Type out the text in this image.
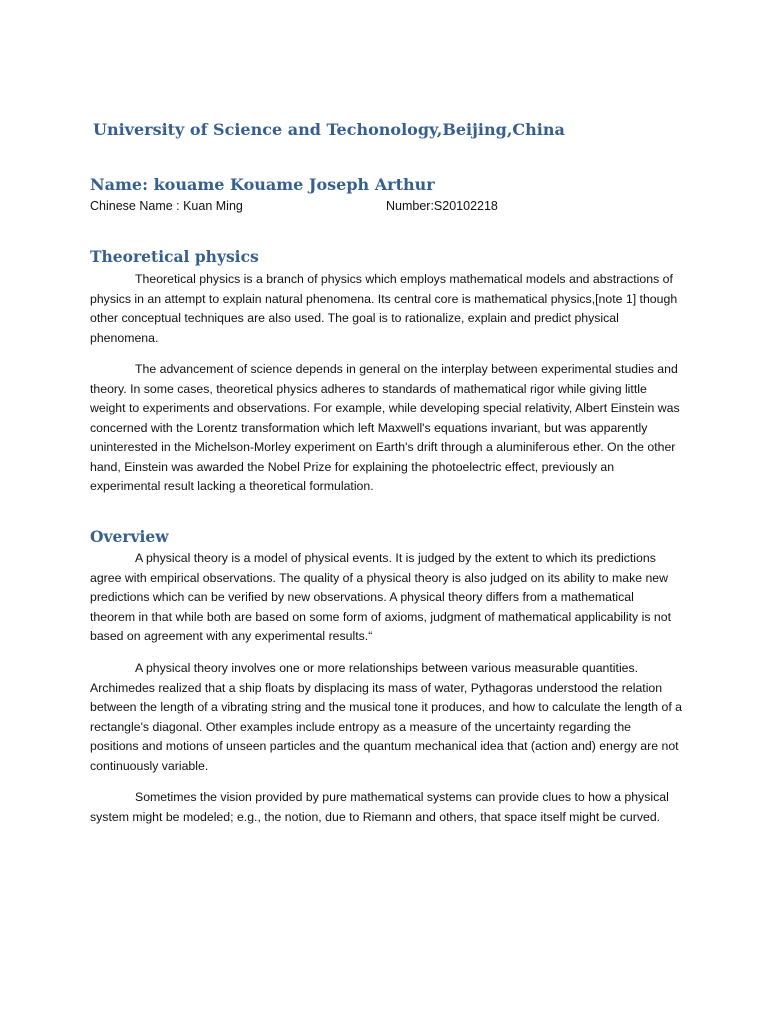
University of Science and Techonology,Beijing,China
Name: kouame Kouame Joseph Arthur
Chinese Name : Kuan Ming	Number:S20102218
Theoretical physics

Theoretical physics is a branch of physics which employs mathematical models and abstractions of physics in an attempt to explain natural phenomena. Its central core is mathematical physics,[note 1] though other conceptual techniques are also used. The goal is to rationalize, explain and predict physical phenomena.

The advancement of science depends in general on the interplay between experimental studies and theory. In some cases, theoretical physics adheres to standards of mathematical rigor while giving little weight to experiments and observations. For example, while developing special relativity, Albert Einstein was concerned with the Lorentz transformation which left Maxwell's equations invariant, but was apparently uninterested in the Michelson-Morley experiment on Earth's drift through a aluminiferous ether. On the other hand, Einstein was awarded the Nobel Prize for explaining the photoelectric effect, previously an experimental result lacking a theoretical formulation.

Overview

A physical theory is a model of physical events. It is judged by the extent to which its predictions agree with empirical observations. The quality of a physical theory is also judged on its ability to make new predictions which can be verified by new observations. A physical theory differs from a mathematical theorem in that while both are based on some form of axioms, judgment of mathematical applicability is not based on agreement with any experimental results.“

A physical theory involves one or more relationships between various measurable quantities. Archimedes realized that a ship floats by displacing its mass of water, Pythagoras understood the relation between the length of a vibrating string and the musical tone it produces, and how to calculate the length of a rectangle's diagonal. Other examples include entropy as a measure of the uncertainty regarding the positions and motions of unseen particles and the quantum mechanical idea that (action and) energy are not continuously variable.

Sometimes the vision provided by pure mathematical systems can provide clues to how a physical system might be modeled; e.g., the notion, due to Riemann and others, that space itself might be curved.
